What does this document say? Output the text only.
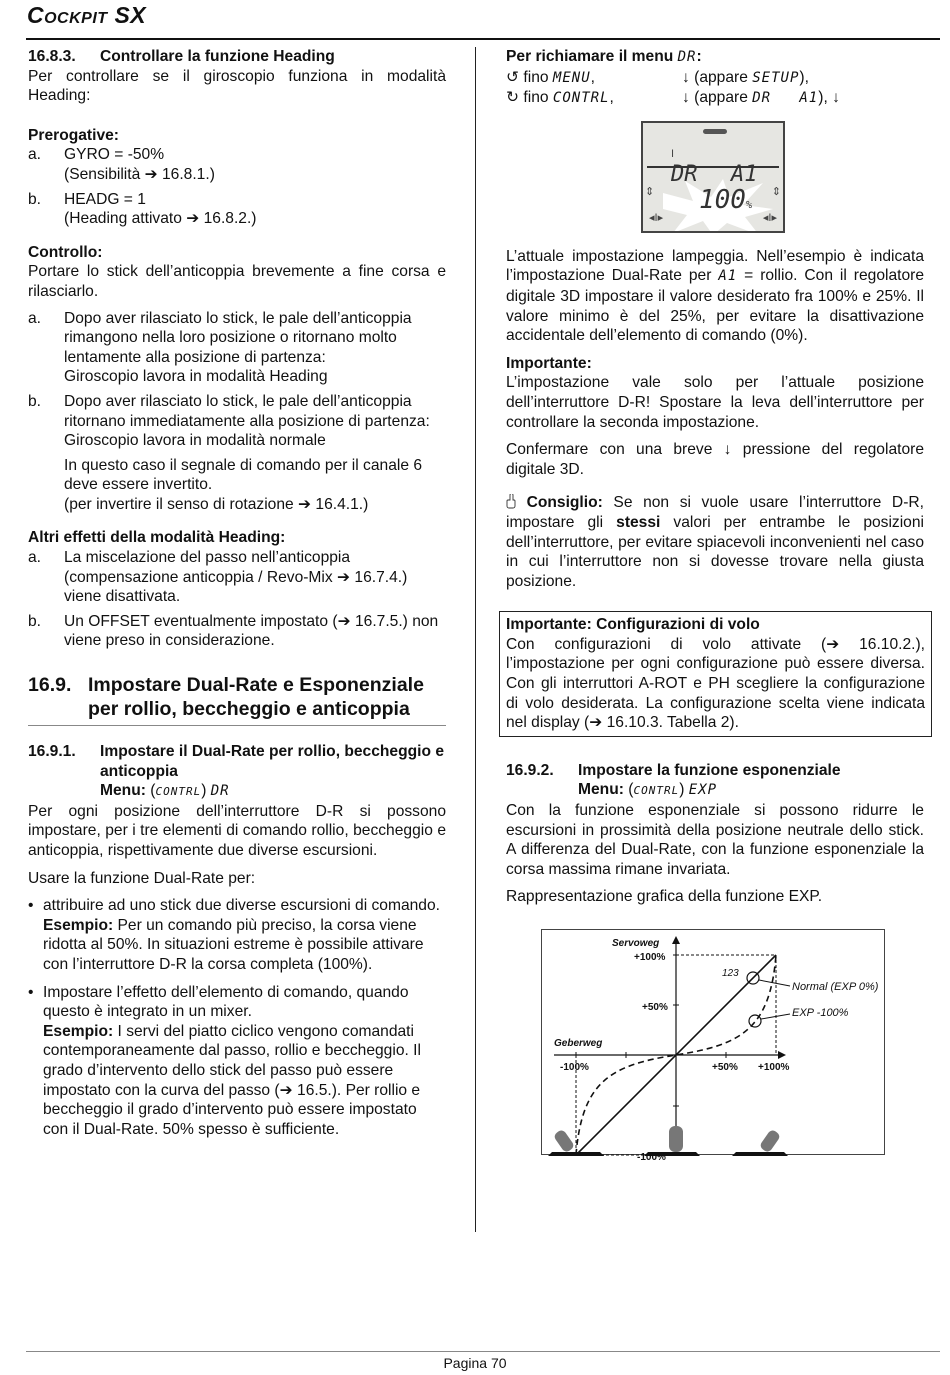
Cockpit SX
16.8.3.	Controllare la funzione Heading

Per controllare se il giroscopio funziona in modalità Heading:

Prerogative:
a.	GYRO = -50%
(Sensibilità ➔ 16.8.1.)
b.	HEADG = 1
(Heading attivato ➔ 16.8.2.)
Controllo:

Portare lo stick dell’anticoppia brevemente a fine corsa e rilasciarlo.

a.	Dopo aver rilasciato lo stick, le pale dell’anticoppia rimangono nella loro posizione o ritornano molto lentamente alla posizione di partenza:
Giroscopio lavora in modalità Heading
b.	Dopo aver rilasciato lo stick, le pale dell’anticoppia ritornano immediatamente alla posizione di partenza:
Giroscopio lavora in modalità normale
In questo caso il segnale di comando per il canale 6 deve essere invertito.
(per invertire il senso di rotazione ➔ 16.4.1.)
Altri effetti della modalità Heading:
a.	La miscelazione del passo nell’anticoppia (compensazione anticoppia / Revo-Mix ➔ 16.7.4.) viene disattivata.
b.	Un OFFSET eventualmente impostato (➔ 16.7.5.) non viene preso in considerazione.
16.9. Impostare Dual-Rate e Esponenziale per rollio, beccheggio e anticoppia
16.9.1.	Impostare il Dual-Rate per rollio, beccheggio e anticoppia
Menu: (CONTRL) DR

Per ogni posizione dell’interruttore D-R si possono impostare, per i tre elementi di comando rollio, beccheggio e anticoppia, rispettivamente due diverse escursioni.

Usare la funzione Dual-Rate per:

• attribuire ad uno stick due diverse escursioni di comando.
Esempio: Per un comando più preciso, la corsa viene ridotta al 50%. In situazioni estreme è possibile attivare con l’interruttore D-R la corsa completa (100%).
• Impostare l’effetto dell’elemento di comando, quando questo è integrato in un mixer.
Esempio: I servi del piatto ciclico vengono comandati contemporaneamente dal passo, rollio e beccheggio. Il grado d’intervento dello stick del passo può essere impostato con la curva del passo (➔ 16.5.). Per rollio e beccheggio il grado d’intervento può essere impostato con il Dual-Rate. 50% spesso è sufficiente.
Per richiamare il menu DR:
↺ fino MENU,	↓ (appare SETUP),
↻ fino CONTRL,	↓ (appare DR   A1), ↓
I
DR A1
100%
⇕	⇕
◂I▸	◂I▸

L’attuale impostazione lampeggia. Nell’esempio è indicata l’impostazione Dual-Rate per A1 = rollio. Con il regolatore digitale 3D impostare il valore desiderato fra 100% e 25%. Il valore minimo è del 25%, per evitare la disattivazione accidentale dell’elemento di comando (0%).

Importante:

L’impostazione vale solo per l’attuale posizione dell’interruttore D-R! Spostare la leva dell’interruttore per controllare la seconda impostazione.

Confermare con una breve ↓ pressione del regolatore digitale 3D.

Consiglio: Se non si vuole usare l’interruttore D-R, impostare gli stessi valori per entrambe le posizioni dell’interruttore, per evitare spiacevoli inconvenienti nel caso in cui l’interruttore non si dovesse trovare nella giusta posizione.

Importante: Configurazioni di volo

Con configurazioni di volo attivate (➔ 16.10.2.), l’impostazione per ogni configurazione può essere diversa. Con gli interruttori A-ROT e PH scegliere la configurazione di volo desiderata. La configurazione scelta viene indicata nel display (➔ 16.10.3. Tabella 2).

16.9.2.	Impostare la funzione esponenziale
Menu: (CONTRL) EXP

Con la funzione esponenziale si possono ridurre le escursioni in prossimità della posizione neutrale dello stick. A differenza del Dual-Rate, con la funzione esponenziale la corsa massima rimane invariata.

Rappresentazione grafica della funzione EXP.

Servoweg
Geberweg
+100%
+50%
-100%
-100%	+50% +100%
123
Normal (EXP 0%)
EXP -100%
Pagina 70
